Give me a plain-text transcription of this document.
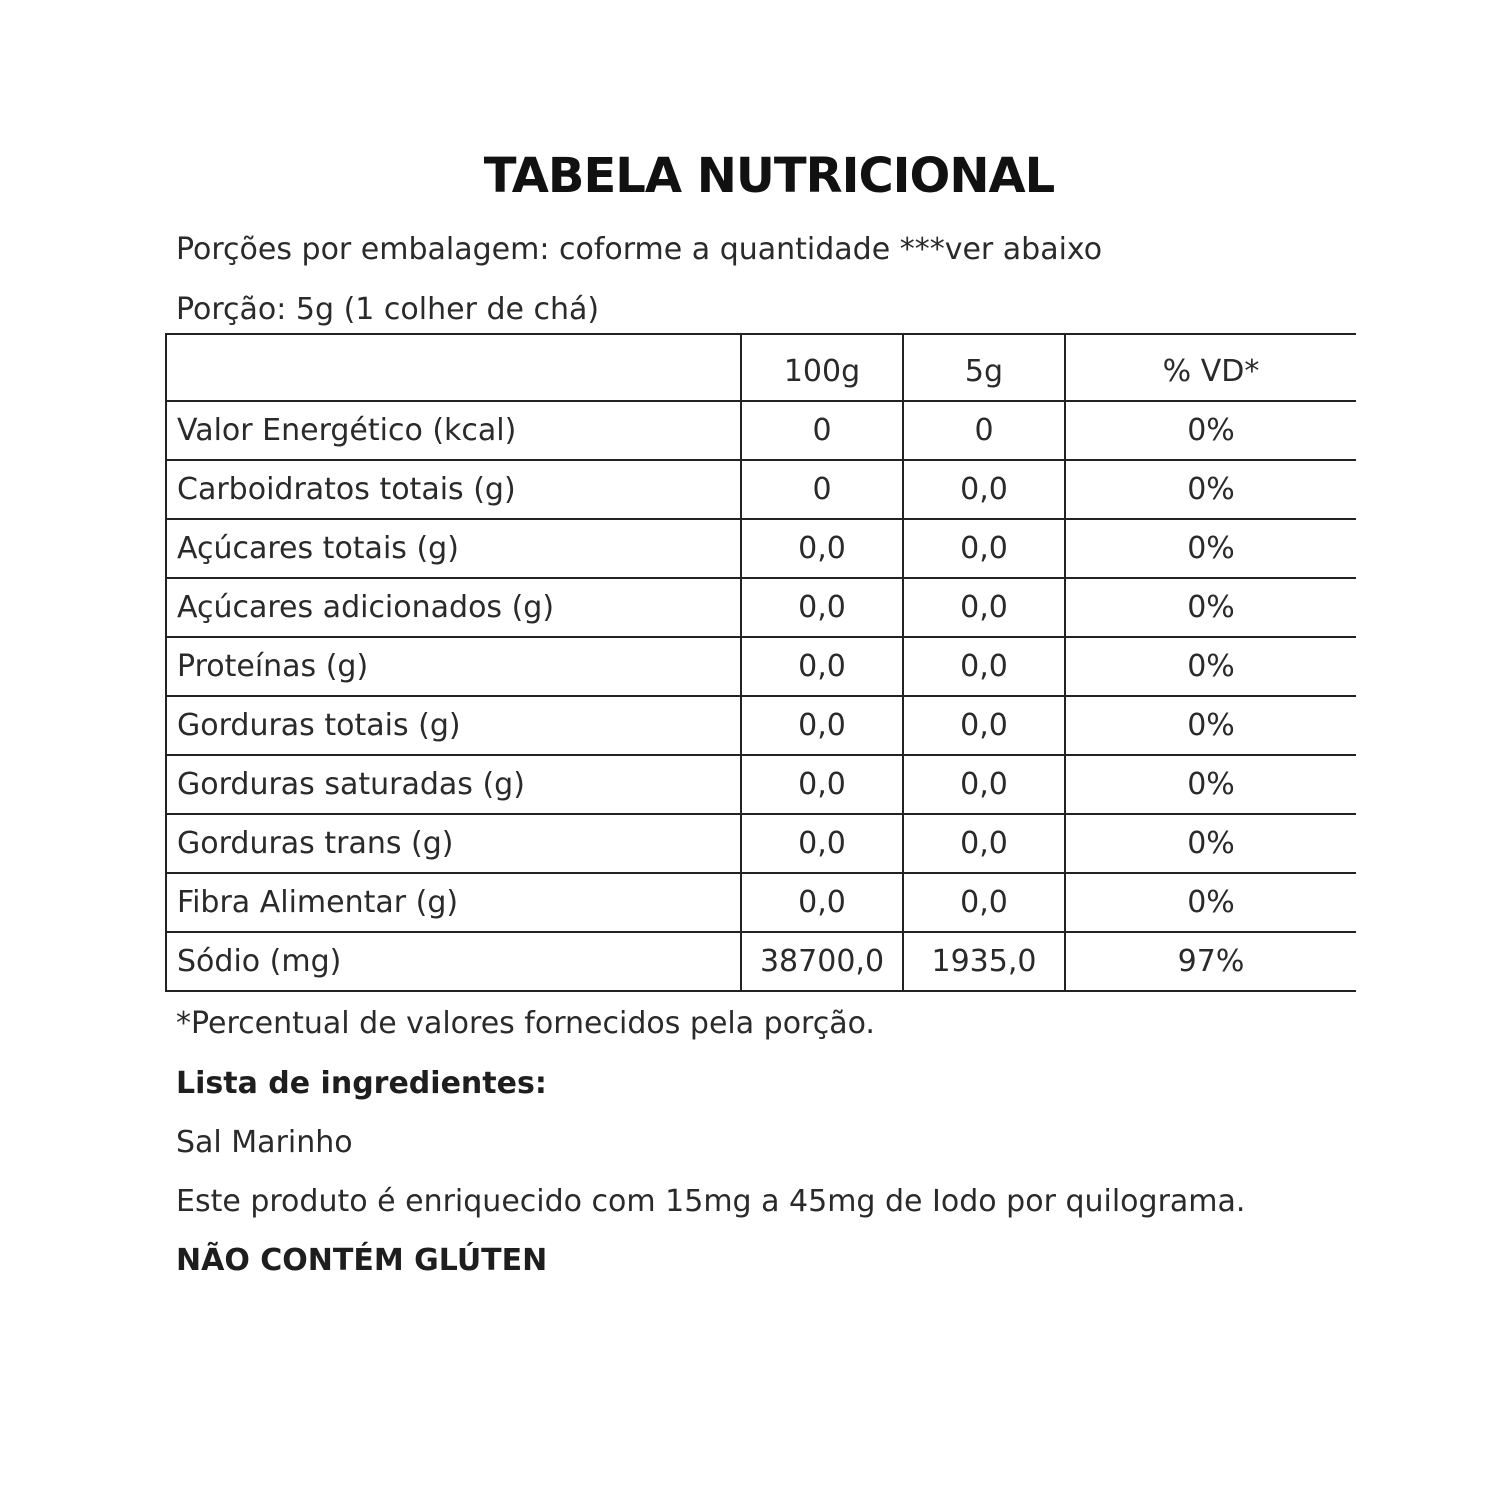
TABELA NUTRICIONAL
Porções por embalagem: coforme a quantidade ***ver abaixo
Porção: 5g (1 colher de chá)
	100g	5g	% VD*
Valor Energético (kcal)	0	0	0%
Carboidratos totais (g)	0	0,0	0%
Açúcares totais (g)	0,0	0,0	0%
Açúcares adicionados (g)	0,0	0,0	0%
Proteínas (g)	0,0	0,0	0%
Gorduras totais (g)	0,0	0,0	0%
Gorduras saturadas (g)	0,0	0,0	0%
Gorduras trans (g)	0,0	0,0	0%
Fibra Alimentar (g)	0,0	0,0	0%
Sódio (mg)	38700,0	1935,0	97%
*Percentual de valores fornecidos pela porção.
Lista de ingredientes:
Sal Marinho
Este produto é enriquecido com 15mg a 45mg de Iodo por quilograma.
NÃO CONTÉM GLÚTEN
